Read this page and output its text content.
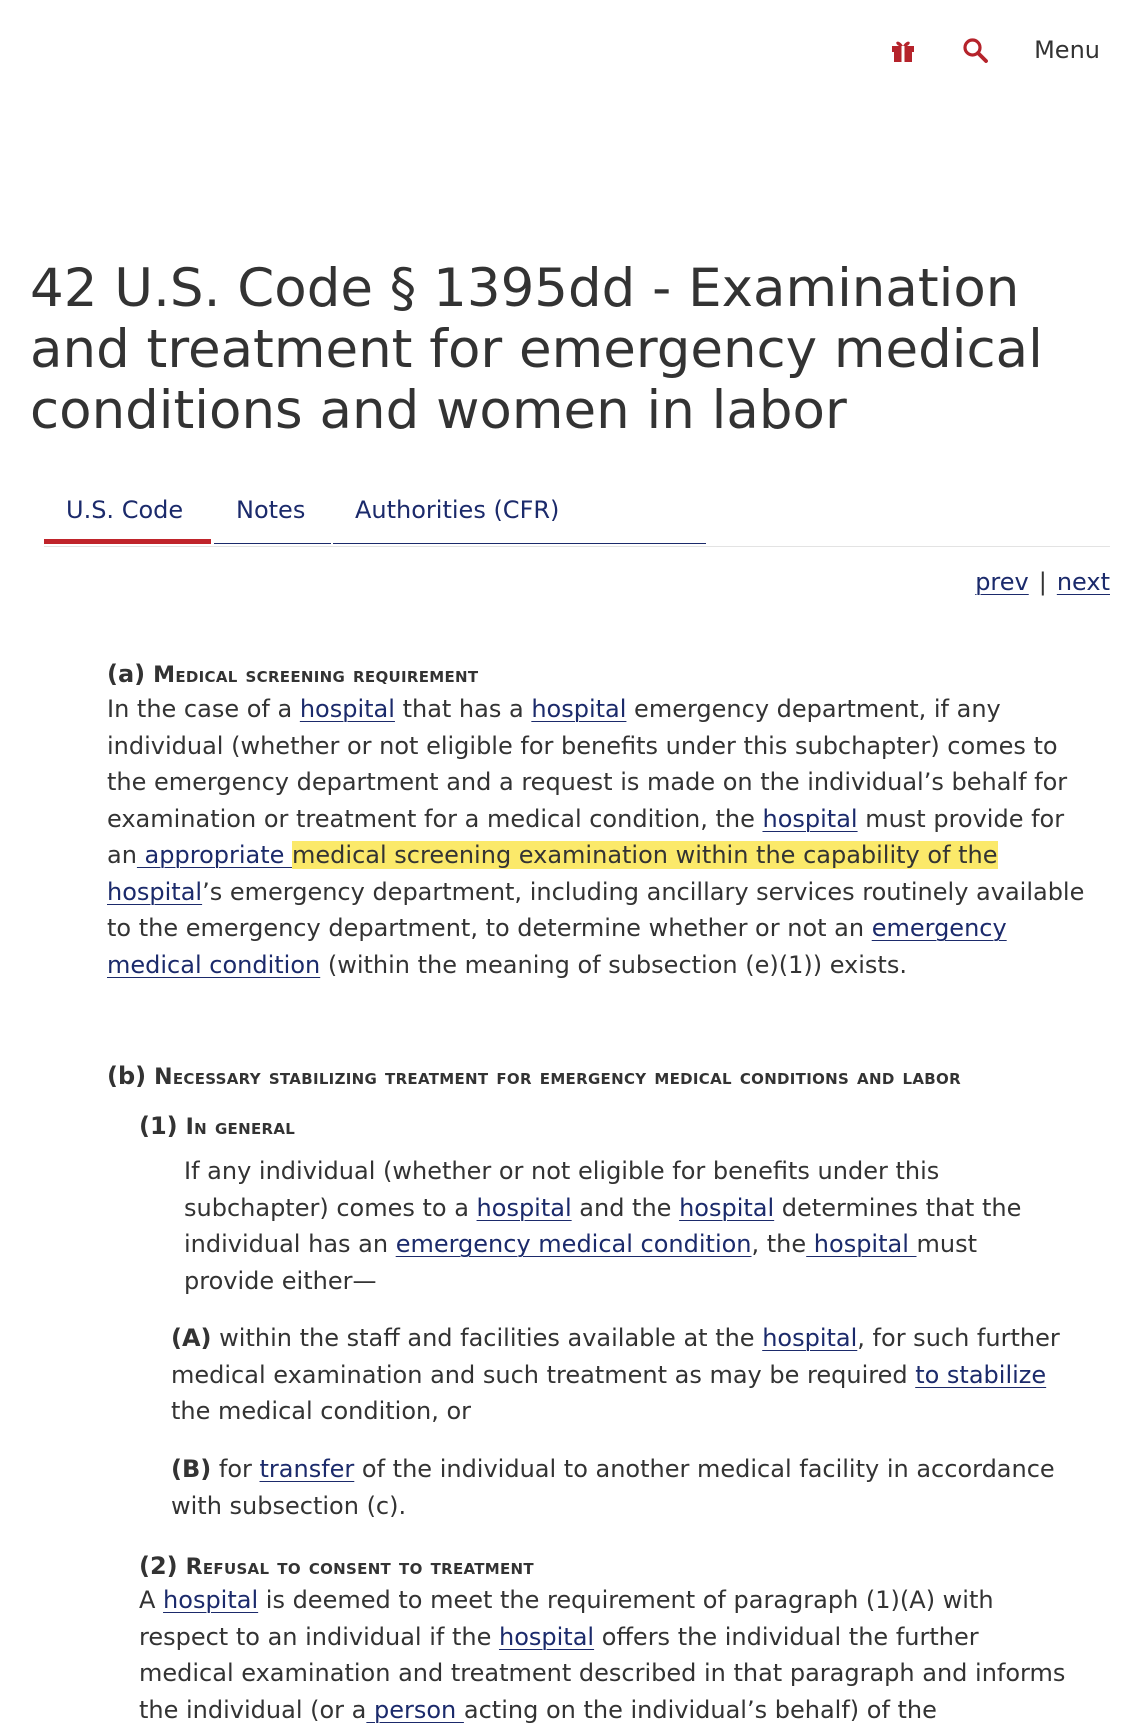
Menu
42 U.S. Code § 1395dd - Examination and treatment for emergency medical conditions and women in labor
U.S. Code	Notes	Authorities (CFR)
prev | next
(a) Medical screening requirement

In the case of a hospital that has a hospital emergency department, if any individual (whether or not eligible for benefits under this subchapter) comes to the emergency department and a request is made on the individual’s behalf for examination or treatment for a medical condition, the hospital must provide for an appropriate medical screening examination within the capability of the hospital’s emergency department, including ancillary services routinely available to the emergency department, to determine whether or not an emergency medical condition (within the meaning of subsection (e)(1)) exists.

(b) Necessary stabilizing treatment for emergency medical conditions and labor
(1) In general

If any individual (whether or not eligible for benefits under this subchapter) comes to a hospital and the hospital determines that the individual has an emergency medical condition, the hospital must provide either—

(A) within the staff and facilities available at the hospital, for such further medical examination and such treatment as may be required to stabilize the medical condition, or

(B) for transfer of the individual to another medical facility in accordance with subsection (c).

(2) Refusal to consent to treatment

A hospital is deemed to meet the requirement of paragraph (1)(A) with respect to an individual if the hospital offers the individual the further medical examination and treatment described in that paragraph and informs the individual (or a person acting on the individual’s behalf) of the
